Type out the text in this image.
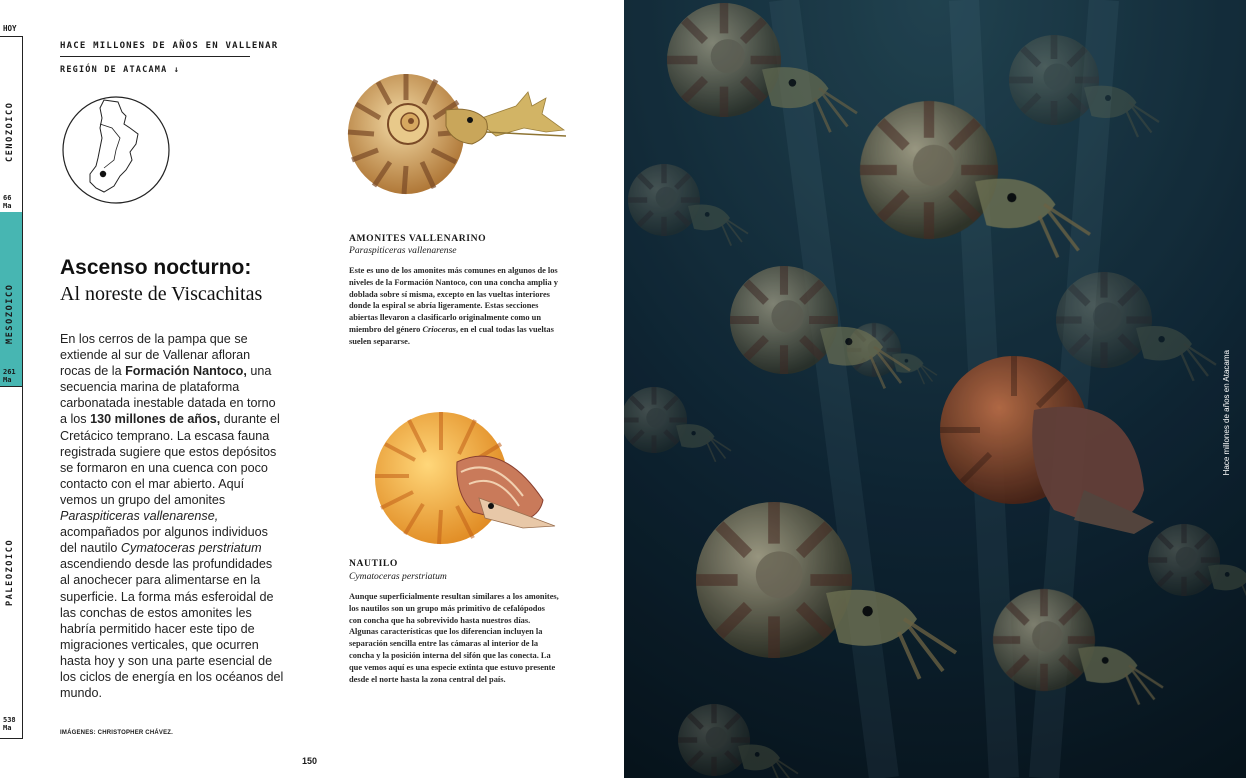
HOY
CENOZOICO
66
Ma
MESOZOICO
261
Ma
PALEOZOICO
538
Ma
HACE MILLONES DE AÑOS EN VALLENAR
REGIÓN DE ATACAMA ↓
Ascenso nocturno:
Al noreste de Viscachitas
En los cerros de la pampa que se extiende al sur de Vallenar afloran rocas de la Formación Nantoco, una secuencia marina de plataforma carbonatada inestable datada en torno a los 130 millones de años, durante el Cretácico temprano. La escasa fauna registrada sugiere que estos depósitos se formaron en una cuenca con poco contacto con el mar abierto. Aquí vemos un grupo del amonites Paraspiticeras vallenarense, acompañados por algunos individuos del nautilo Cymatoceras perstriatum ascendiendo desde las profundidades al anochecer para alimentarse en la superficie. La forma más esferoidal de las conchas de estos amonites les habría permitido hacer este tipo de migraciones verticales, que ocurren hasta hoy y son una parte esencial de los ciclos de energía en los océanos del mundo.
IMÁGENES: CHRISTOPHER CHÁVEZ.
150
AMONITES VALLENARINO
Paraspiticeras vallenarense
Este es uno de los amonites más comunes en algunos de los niveles de la Formación Nantoco, con una concha amplia y doblada sobre sí misma, excepto en las vueltas interiores donde la espiral se abría ligeramente. Estas secciones abiertas llevaron a clasificarlo originalmente como un miembro del género Crioceras, en el cual todas las vueltas suelen separarse.
NAUTILO
Cymatoceras perstriatum
Aunque superficialmente resultan similares a los amonites, los nautilos son un grupo más primitivo de cefalópodos con concha que ha sobrevivido hasta nuestros días. Algunas características que los diferencian incluyen la separación sencilla entre las cámaras al interior de la concha y la posición interna del sifón que las conecta. La que vemos aquí es una especie extinta que estuvo presente desde el norte hasta la zona central del país.
Hace millones de años en Atacama
